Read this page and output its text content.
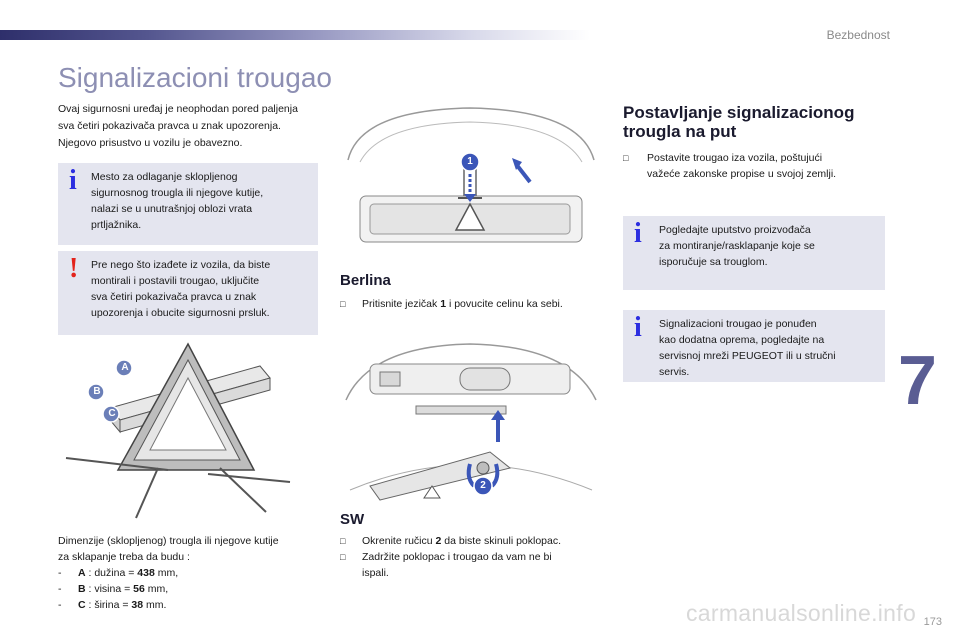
Bezbednost
Signalizacioni trougao
Ovaj sigurnosni uređaj je neophodan pored paljenja
sva četiri pokazivača pravca u znak upozorenja.
Njegovo prisustvo u vozilu je obavezno.
i Mesto za odlaganje sklopljenog
sigurnosnog trougla ili njegove kutije,
nalazi se u unutrašnjoj oblozi vrata
prtljažnika.
! Pre nego što izađete iz vozila, da biste
montirali i postavili trougao, uključite
sva četiri pokazivača pravca u znak
upozorenja i obucite sigurnosni prsluk.
A
B
C
Dimenzije (sklopljenog) trougla ili njegove kutije
za sklapanje treba da budu :
- A : dužina = 438 mm,
- B : visina = 56 mm,
- C : širina = 38 mm.
1
Berlina
□ Pritisnite jezičak 1 i povucite celinu ka sebi.
2
SW
□ Okrenite ručicu 2 da biste skinuli poklopac.
□ Zadržite poklopac i trougao da vam ne bi
ispali.
Postavljanje signalizacionog
trougla na put
□ Postavite trougao iza vozila, poštujući
važeće zakonske propise u svojoj zemlji.
i Pogledajte uputstvo proizvođača
za montiranje/rasklapanje koje se
isporučuje sa trouglom.
i Signalizacioni trougao je ponuđen
kao dodatna oprema, pogledajte na
servisnoj mreži PEUGEOT ili u stručni
servis.	7
carmanualsonline.info 173
